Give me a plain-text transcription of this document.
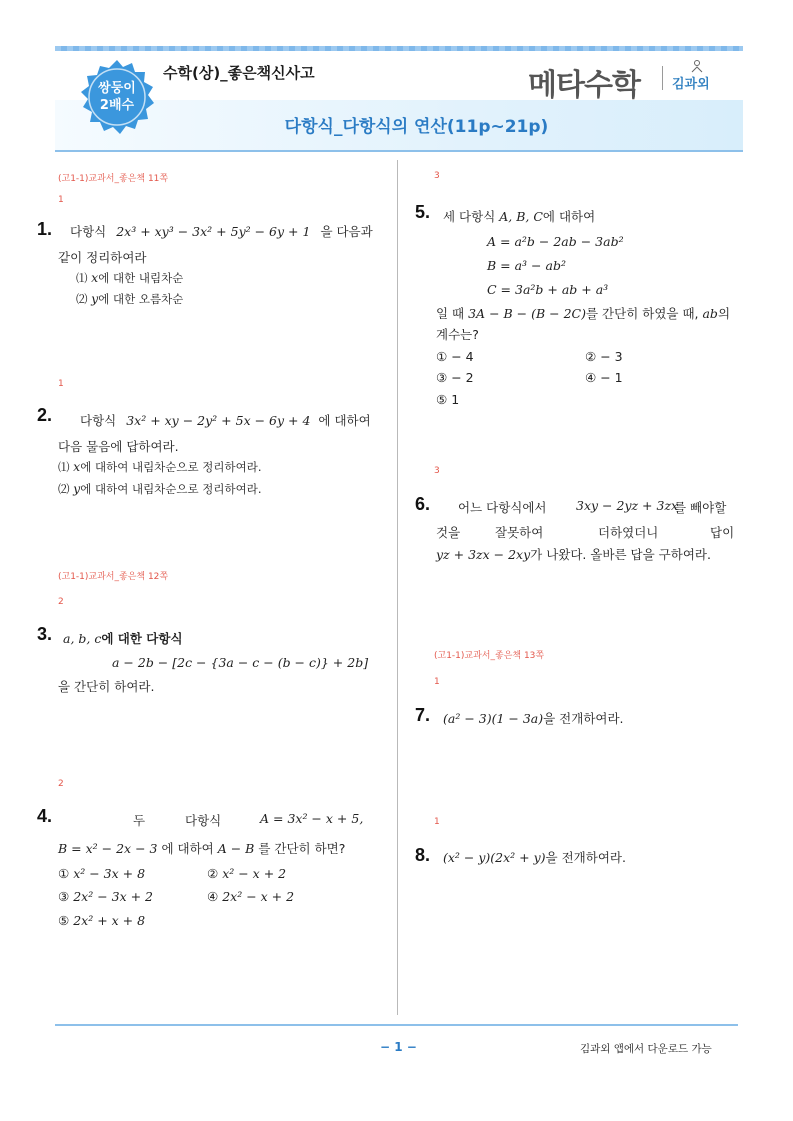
쌍둥이
2배수
수학(상)_좋은책신사고	메타수학 김과외
다항식_다항식의 연산(11p~21p)
(고1-1)교과서_좋은책 11쪽
1
1. 다항식 2x³ + xy³ − 3x² + 5y² − 6y + 1 을 다음과
같이 정리하여라
⑴ x에 대한 내림차순
⑵ y에 대한 오름차순
1
2. 다항식 3x² + xy − 2y² + 5x − 6y + 4 에 대하여
다음 물음에 답하여라.
⑴ x에 대하여 내림차순으로 정리하여라.
⑵ y에 대하여 내림차순으로 정리하여라.
(고1-1)교과서_좋은책 12쪽
2
3. a, b, c에 대한 다항식
a − 2b − [2c − {3a − c − (b − c)} + 2b]
을 간단히 하여라.
2
4.	두	다항식	A = 3x² − x + 5,
B = x² − 2x − 3 에 대하여 A − B 를 간단히 하면?
① x² − 3x + 8	② x² − x + 2
③ 2x² − 3x + 2	④ 2x² − x + 2
⑤ 2x² + x + 8
3
5. 세 다항식 A, B, C에 대하여
A = a²b − 2ab − 3ab²
B = a³ − ab²
C = 3a²b + ab + a³
일 때 3A − B − (B − 2C)를 간단히 하였을 때, ab의
계수는?
① − 4	② − 3
③ − 2	④ − 1
⑤ 1
3
6. 어느 다항식에서 3xy − 2yz + 3zx
를 빼야할
것을	잘못하여	더하였더니	답이
yz + 3zx − 2xy가 나왔다. 올바른 답을 구하여라.
(고1-1)교과서_좋은책 13쪽
1
7. (a² − 3)(1 − 3a)을 전개하여라.
1
8. (x² − y)(2x² + y)을 전개하여라.
− 1 −	김과외 앱에서 다운로드 가능
